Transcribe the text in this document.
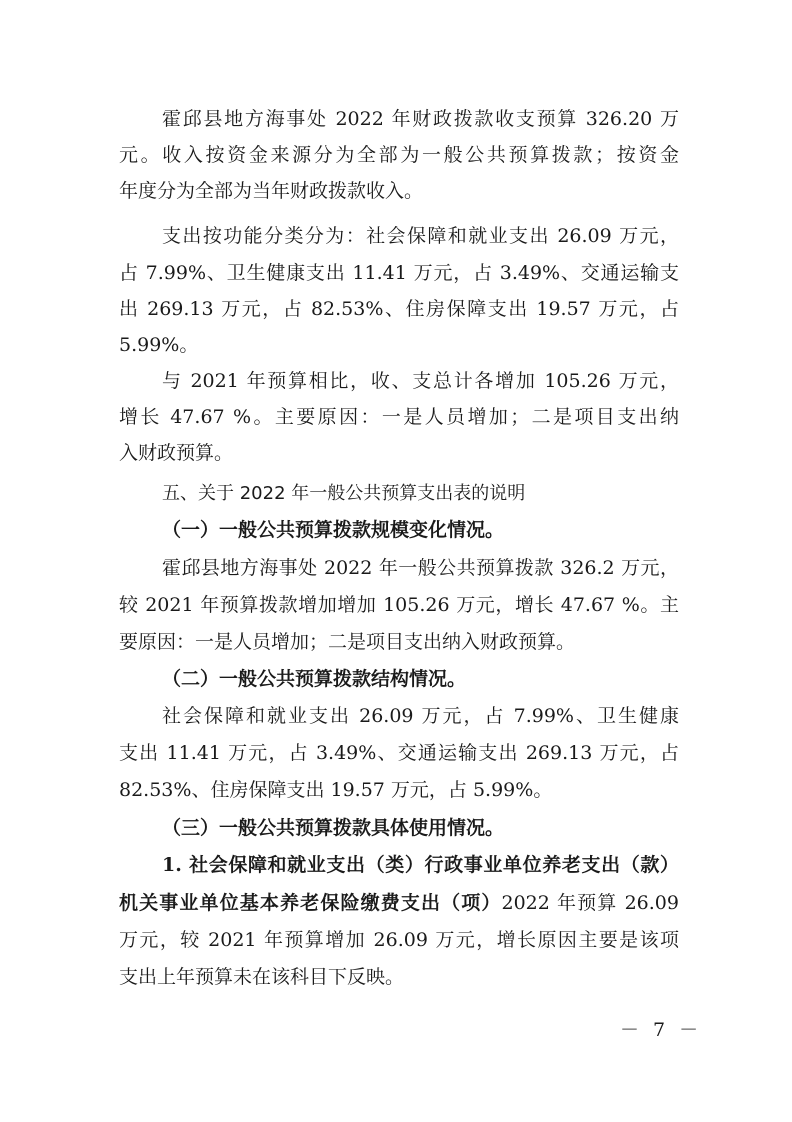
霍邱县地方海事处 2022 年财政拨款收支预算 326.20 万
元。收入按资金来源分为全部为一般公共预算拨款；按资金
年度分为全部为当年财政拨款收入。
支出按功能分类分为：社会保障和就业支出 26.09 万元，
占 7.99%、卫生健康支出 11.41 万元，占 3.49%、交通运输支
出 269.13 万元，占 82.53%、住房保障支出 19.57 万元，占
5.99%。
与 2021 年预算相比，收、支总计各增加 105.26 万元，
增长 47.67 %。主要原因：一是人员增加；二是项目支出纳
入财政预算。
五、关于 2022 年一般公共预算支出表的说明
（一）一般公共预算拨款规模变化情况。
霍邱县地方海事处 2022 年一般公共预算拨款 326.2 万元，
较 2021 年预算拨款增加增加 105.26 万元，增长 47.67 %。主
要原因：一是人员增加；二是项目支出纳入财政预算。
（二）一般公共预算拨款结构情况。
社会保障和就业支出 26.09 万元，占 7.99%、卫生健康
支出 11.41 万元，占 3.49%、交通运输支出 269.13 万元，占
82.53%、住房保障支出 19.57 万元，占 5.99%。
（三）一般公共预算拨款具体使用情况。
1. 社会保障和就业支出（类）行政事业单位养老支出（款）
机关事业单位基本养老保险缴费支出（项）2022 年预算 26.09
万元，较 2021 年预算增加 26.09 万元，增长原因主要是该项
支出上年预算未在该科目下反映。
－ 7 －
